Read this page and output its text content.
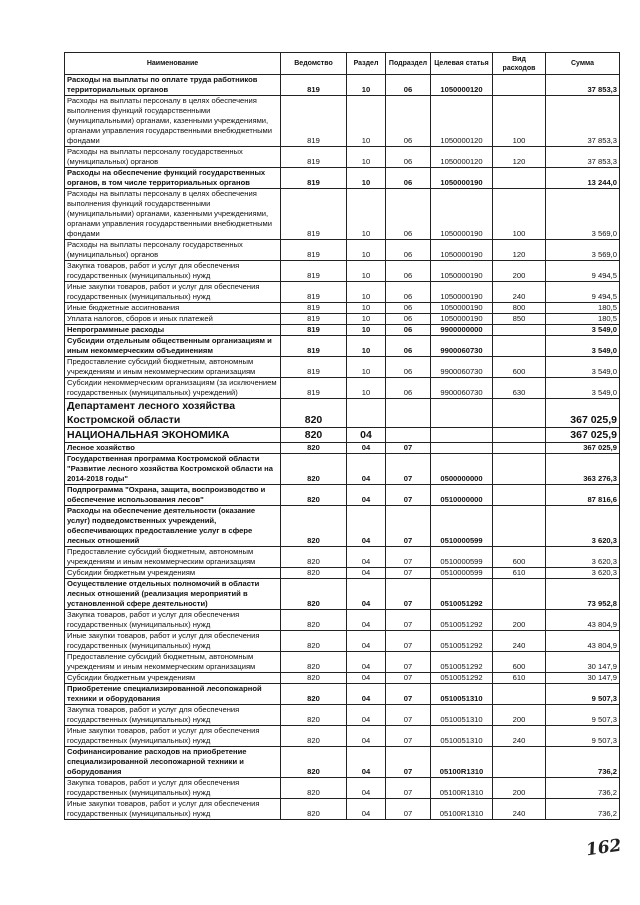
Наименование	Ведомство	Раздел	Подраздел	Целевая статья	Вид расходов	Сумма
Расходы на выплаты по оплате труда работников территориальных органов	819	10	06	1050000120		37 853,3
Расходы на выплаты персоналу в целях обеспечения выполнения функций государственными (муниципальными) органами, казенными учреждениями, органами управления государственными внебюджетными фондами	819	10	06	1050000120	100	37 853,3
Расходы на выплаты персоналу государственных (муниципальных) органов	819	10	06	1050000120	120	37 853,3
Расходы на обеспечение функций государственных органов, в том числе территориальных органов	819	10	06	1050000190		13 244,0
Расходы на выплаты персоналу в целях обеспечения выполнения функций государственными (муниципальными) органами, казенными учреждениями, органами управления государственными внебюджетными фондами	819	10	06	1050000190	100	3 569,0
Расходы на выплаты персоналу государственных (муниципальных) органов	819	10	06	1050000190	120	3 569,0
Закупка товаров, работ и услуг для обеспечения государственных (муниципальных) нужд	819	10	06	1050000190	200	9 494,5
Иные закупки товаров, работ и услуг для обеспечения государственных (муниципальных) нужд	819	10	06	1050000190	240	9 494,5
Иные бюджетные ассигнования	819	10	06	1050000190	800	180,5
Уплата налогов, сборов и иных платежей	819	10	06	1050000190	850	180,5
Непрограммные расходы	819	10	06	9900000000		3 549,0
Субсидии отдельным общественным организациям и иным некоммерческим объединениям	819	10	06	9900060730		3 549,0
Предоставление субсидий бюджетным, автономным учреждениям и иным некоммерческим организациям	819	10	06	9900060730	600	3 549,0
Субсидии некоммерческим организациям (за исключением государственных (муниципальных) учреждений)	819	10	06	9900060730	630	3 549,0
Департамент лесного хозяйства Костромской области	820					367 025,9
НАЦИОНАЛЬНАЯ ЭКОНОМИКА	820	04				367 025,9
Лесное хозяйство	820	04	07			367 025,9
Государственная программа Костромской области "Развитие лесного хозяйства Костромской области на 2014-2018 годы"	820	04	07	0500000000		363 276,3
Подпрограмма "Охрана, защита, воспроизводство и обеспечение использования лесов"	820	04	07	0510000000		87 816,6
Расходы на обеспечение деятельности (оказание услуг) подведомственных учреждений, обеспечивающих предоставление услуг в сфере лесных отношений	820	04	07	0510000599		3 620,3
Предоставление субсидий бюджетным, автономным учреждениям и иным некоммерческим организациям	820	04	07	0510000599	600	3 620,3
Субсидии бюджетным учреждениям	820	04	07	0510000599	610	3 620,3
Осуществление отдельных полномочий в области лесных отношений (реализация мероприятий в установленной сфере деятельности)	820	04	07	0510051292		73 952,8
Закупка товаров, работ и услуг для обеспечения государственных (муниципальных) нужд	820	04	07	0510051292	200	43 804,9
Иные закупки товаров, работ и услуг для обеспечения государственных (муниципальных) нужд	820	04	07	0510051292	240	43 804,9
Предоставление субсидий бюджетным, автономным учреждениям и иным некоммерческим организациям	820	04	07	0510051292	600	30 147,9
Субсидии бюджетным учреждениям	820	04	07	0510051292	610	30 147,9
Приобретение специализированной лесопожарной техники и оборудования	820	04	07	0510051310		9 507,3
Закупка товаров, работ и услуг для обеспечения государственных (муниципальных) нужд	820	04	07	0510051310	200	9 507,3
Иные закупки товаров, работ и услуг для обеспечения государственных (муниципальных) нужд	820	04	07	0510051310	240	9 507,3
Софинансирование расходов на приобретение специализированной лесопожарной техники и оборудования	820	04	07	05100R1310		736,2
Закупка товаров, работ и услуг для обеспечения государственных (муниципальных) нужд	820	04	07	05100R1310	200	736,2
Иные закупки товаров, работ и услуг для обеспечения государственных (муниципальных) нужд	820	04	07	05100R1310	240	736,2
162
